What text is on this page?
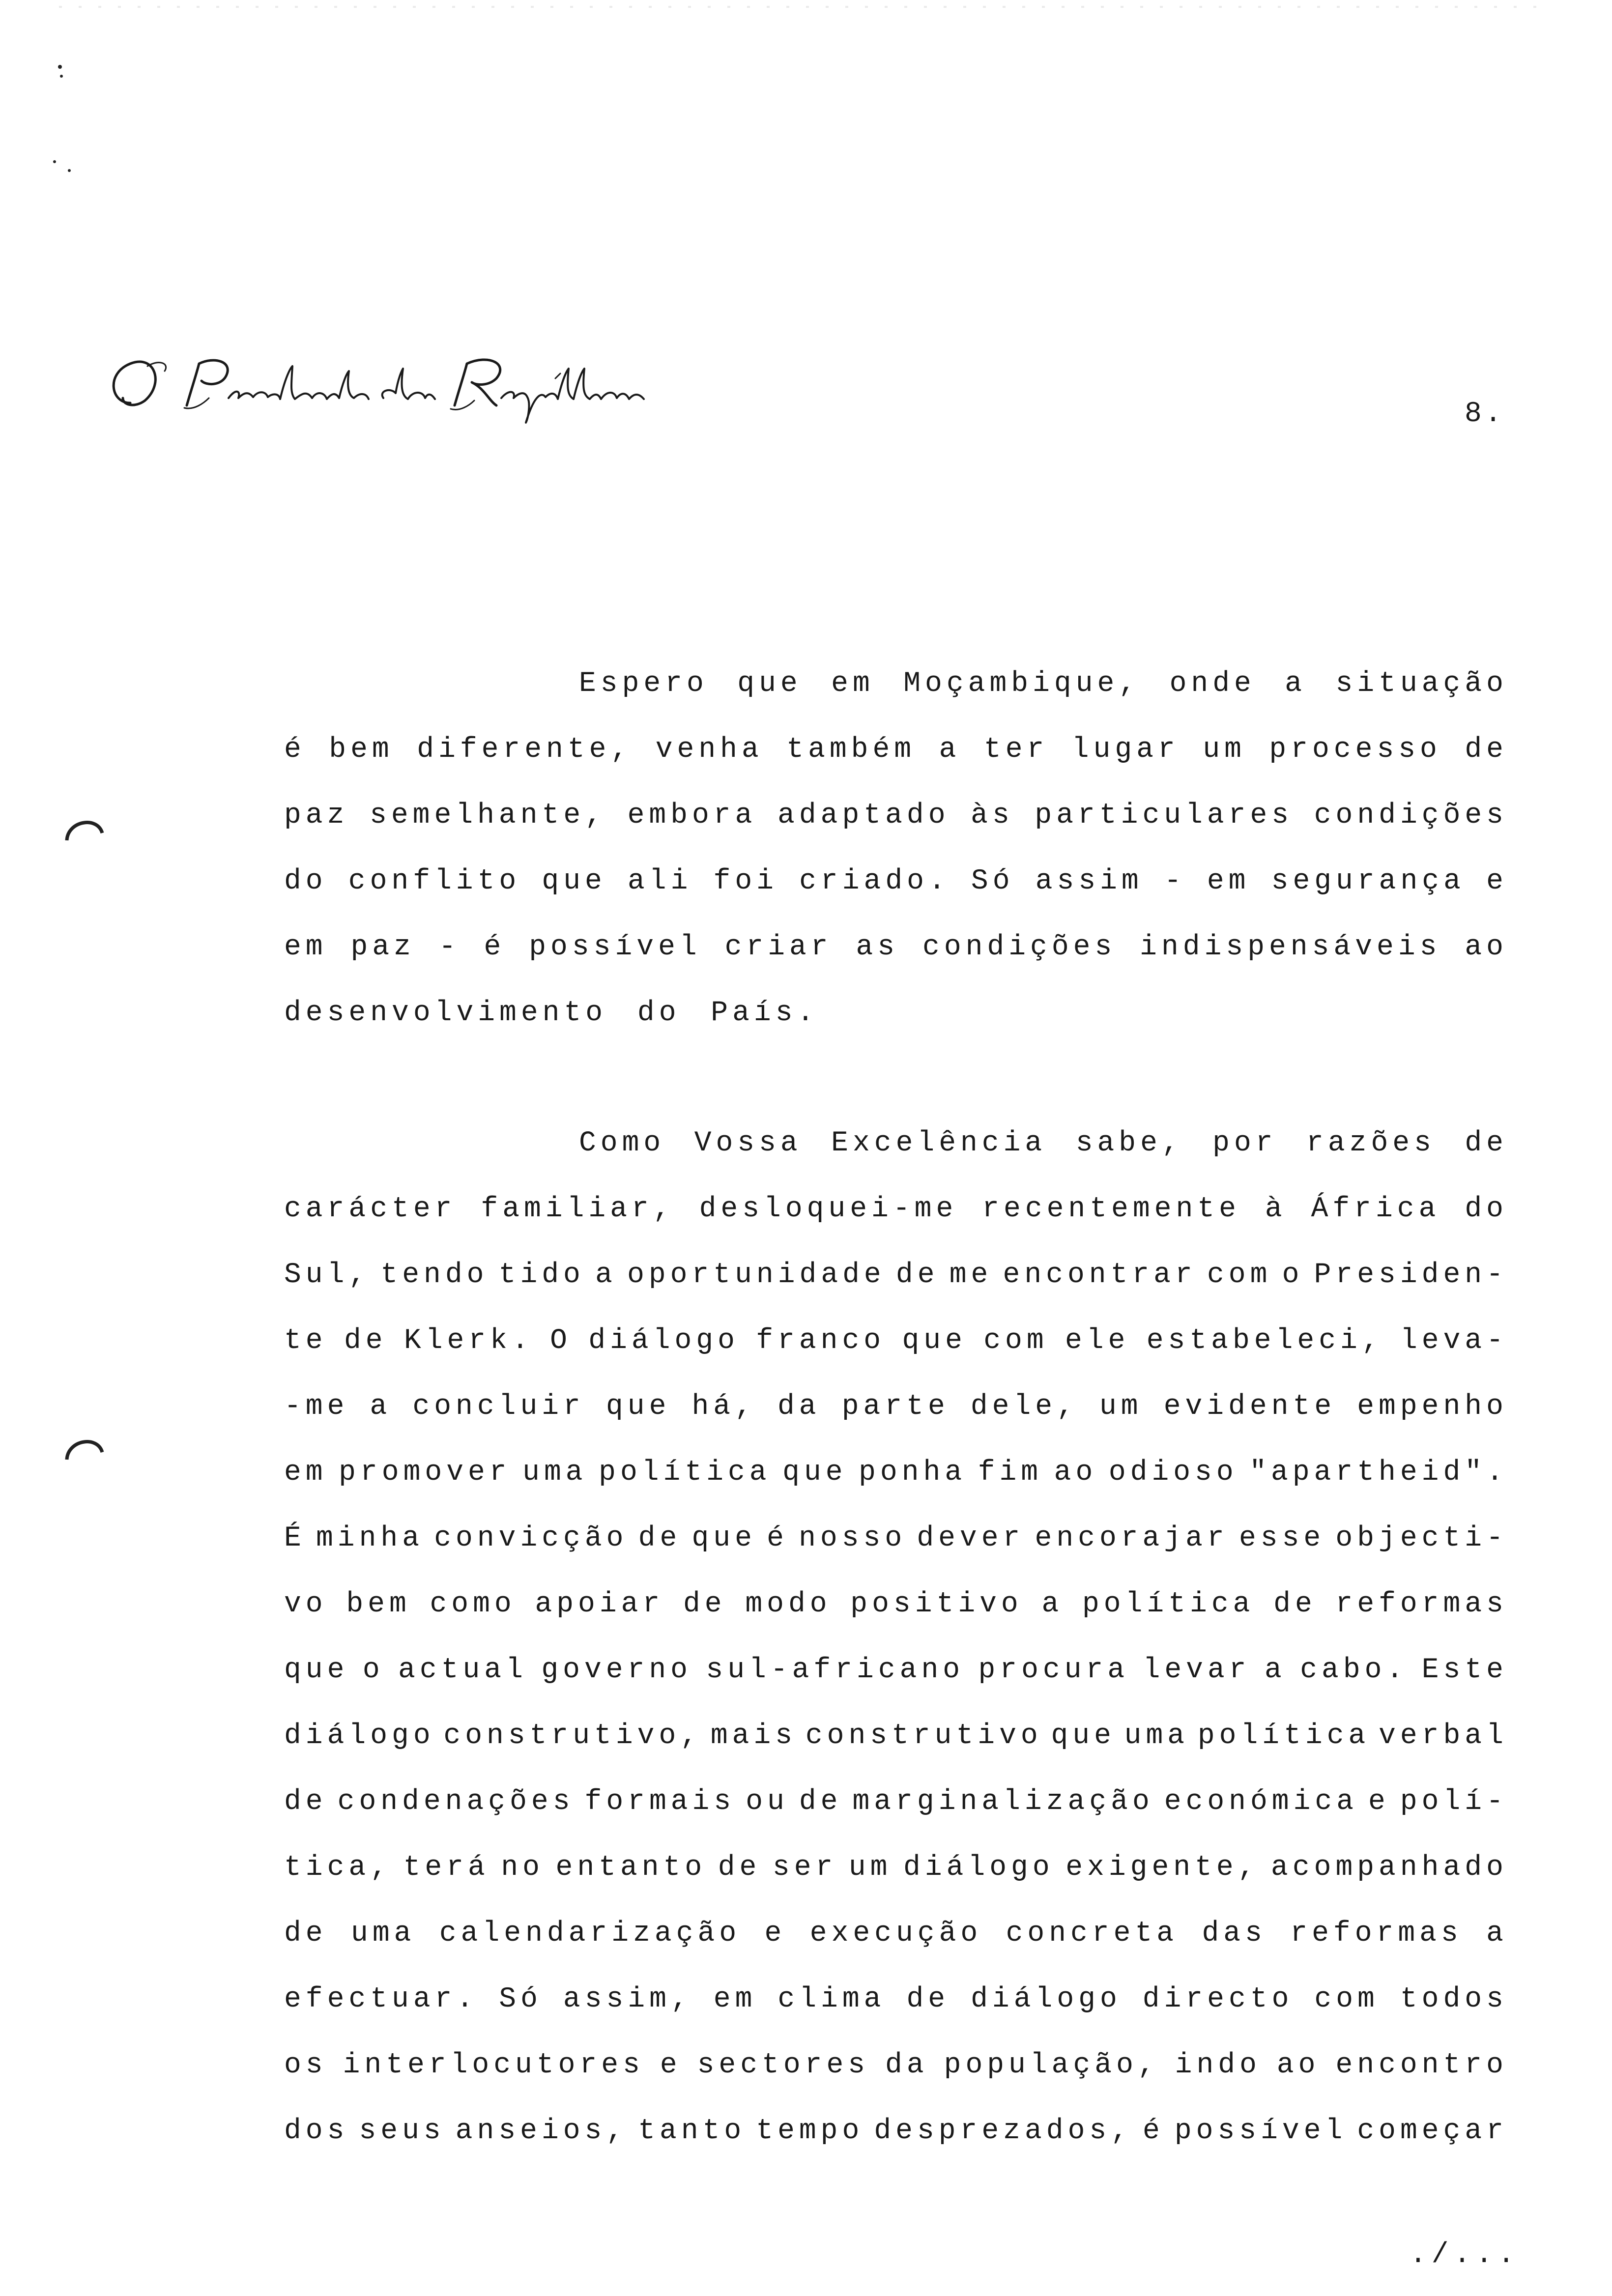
8.
Espero que em Moçambique, onde a situação
é bem diferente, venha também a ter lugar um processo de
paz semelhante, embora adaptado às particulares condições
do conflito que ali foi criado. Só assim - em segurança e
em paz - é possível criar as condições indispensáveis ao
desenvolvimento do País.
Como Vossa Excelência sabe, por razões de
carácter familiar, desloquei-me recentemente à África do
Sul, tendo tido a oportunidade de me encontrar com o Presiden-
te de Klerk. O diálogo franco que com ele estabeleci, leva-
-me a concluir que há, da parte dele, um evidente empenho
em promover uma política que ponha fim ao odioso "apartheid".
É minha convicção de que é nosso dever encorajar esse objecti-
vo bem como apoiar de modo positivo a política de reformas
que o actual governo sul-africano procura levar a cabo. Este
diálogo construtivo, mais construtivo que uma política verbal
de condenações formais ou de marginalização económica e polí-
tica, terá no entanto de ser um diálogo exigente, acompanhado
de uma calendarização e execução concreta das reformas a
efectuar. Só assim, em clima de diálogo directo com todos
os interlocutores e sectores da população, indo ao encontro
dos seus anseios, tanto tempo desprezados, é possível começar
./...
